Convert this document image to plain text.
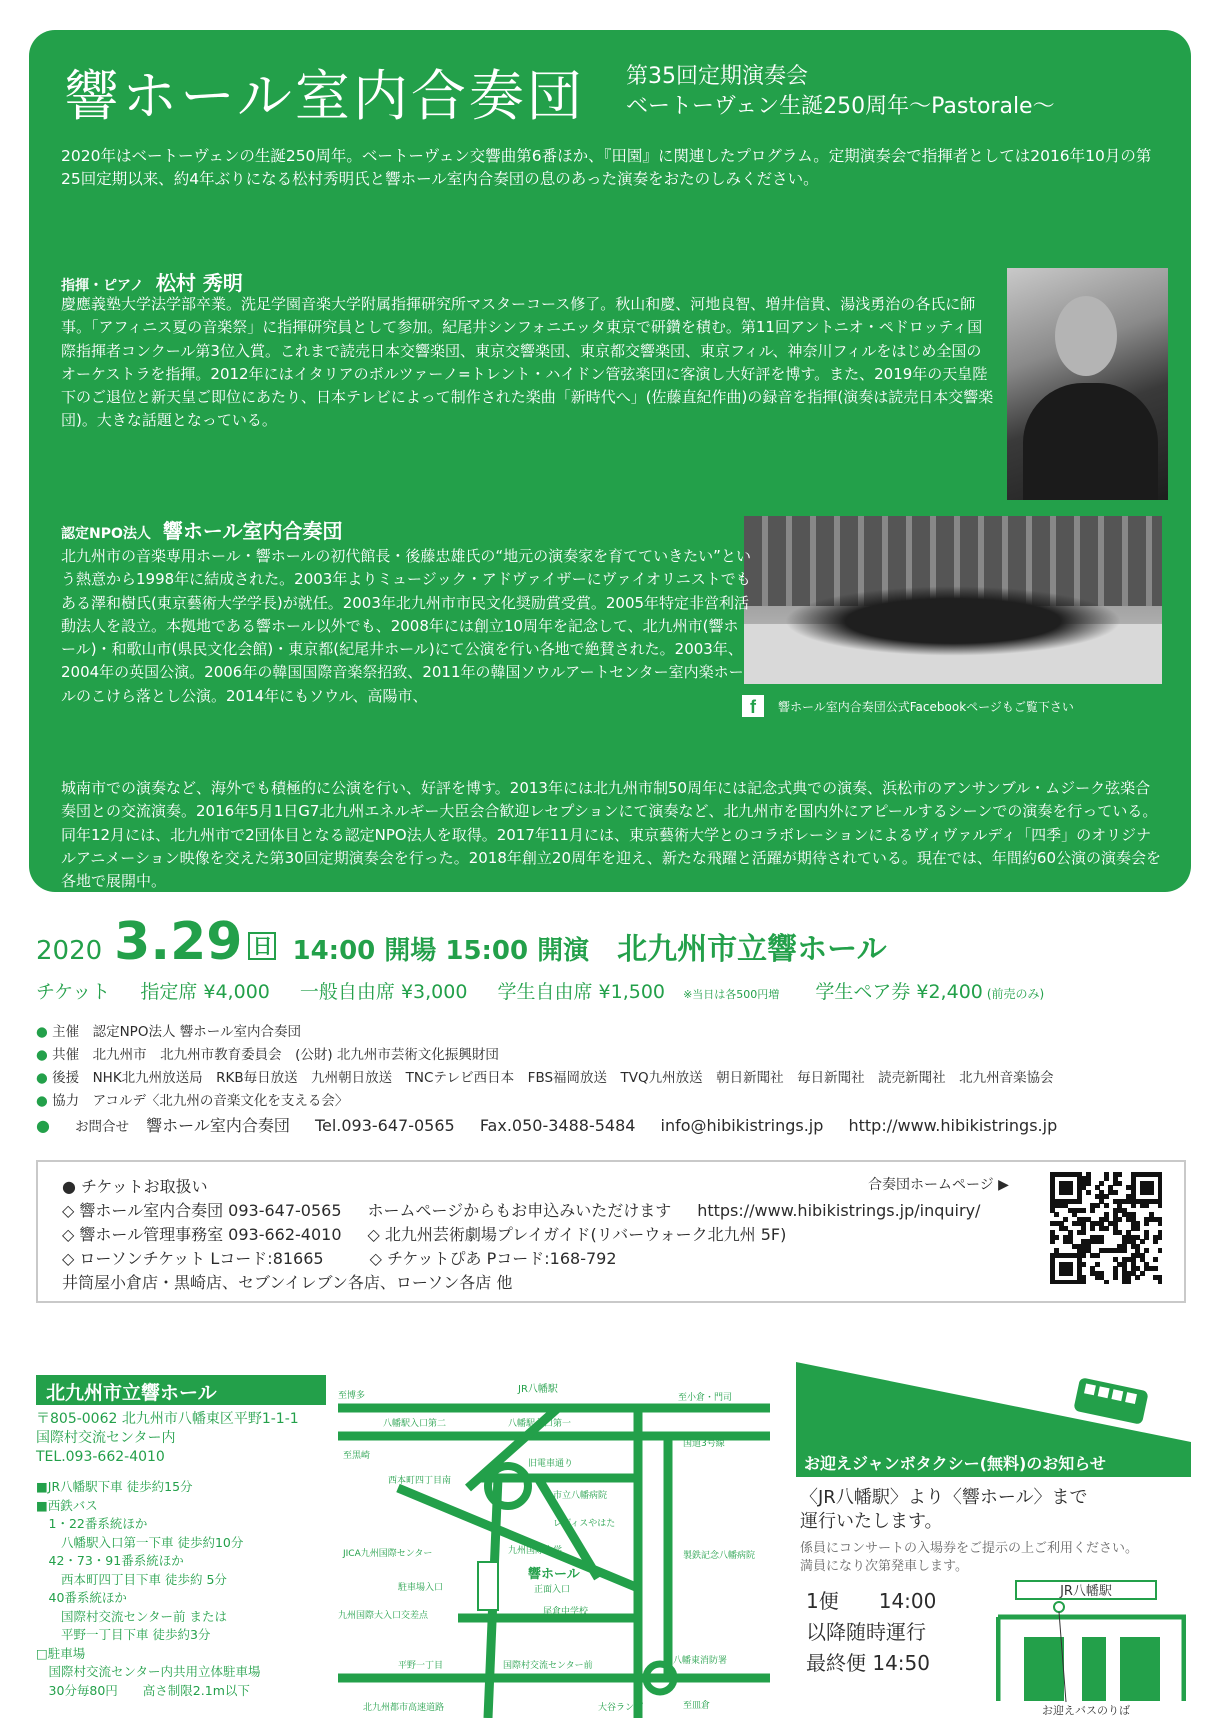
響ホール室内合奏団 第35回定期演奏会
ベートーヴェン生誕250周年〜Pastorale〜

2020年はベートーヴェンの生誕250周年。ベートーヴェン交響曲第6番ほか、『田園』に関連したプログラム。定期演奏会で指揮者としては2016年10月の第25回定期以来、約4年ぶりになる松村秀明氏と響ホール室内合奏団の息のあった演奏をおたのしみください。

指揮・ピアノ 松村 秀明

慶應義塾大学法学部卒業。洗足学園音楽大学附属指揮研究所マスターコース修了。秋山和慶、河地良智、増井信貴、湯浅勇治の各氏に師事。「アフィニス夏の音楽祭」に指揮研究員として参加。紀尾井シンフォニエッタ東京で研鑽を積む。第11回アントニオ・ペドロッティ国際指揮者コンクール第3位入賞。これまで読売日本交響楽団、東京交響楽団、東京都交響楽団、東京フィル、神奈川フィルをはじめ全国のオーケストラを指揮。2012年にはイタリアのボルツァーノ=トレント・ハイドン管弦楽団に客演し大好評を博す。また、2019年の天皇陛下のご退位と新天皇ご即位にあたり、日本テレビによって制作された楽曲「新時代へ」(佐藤直紀作曲)の録音を指揮(演奏は読売日本交響楽団)。大きな話題となっている。

認定NPO法人 響ホール室内合奏団
f	響ホール室内合奏団公式Facebookページもご覧下さい

北九州市の音楽専用ホール・響ホールの初代館長・後藤忠雄氏の“地元の演奏家を育てていきたい”という熱意から1998年に結成された。2003年よりミュージック・アドヴァイザーにヴァイオリニストでもある澤和樹氏(東京藝術大学学長)が就任。2003年北九州市市民文化奨励賞受賞。2005年特定非営利活動法人を設立。本拠地である響ホール以外でも、2008年には創立10周年を記念して、北九州市(響ホール)・和歌山市(県民文化会館)・東京都(紀尾井ホール)にて公演を行い各地で絶賛された。2003年、2004年の英国公演。2006年の韓国国際音楽祭招致、2011年の韓国ソウルアートセンター室内楽ホールのこけら落とし公演。2014年にもソウル、高陽市、

城南市での演奏など、海外でも積極的に公演を行い、好評を博す。2013年には北九州市制50周年には記念式典での演奏、浜松市のアンサンブル・ムジーク弦楽合奏団との交流演奏。2016年5月1日G7北九州エネルギー大臣会合歓迎レセプションにて演奏など、北九州市を国内外にアピールするシーンでの演奏を行っている。同年12月には、北九州市で2団体目となる認定NPO法人を取得。2017年11月には、東京藝術大学とのコラボレーションによるヴィヴァルディ「四季」のオリジナルアニメーション映像を交えた第30回定期演奏会を行った。2018年創立20周年を迎え、新たな飛躍と活躍が期待されている。現在では、年間約60公演の演奏会を各地で展開中。

2020 3.29 日 14:00 開場 15:00 開演 北九州市立響ホール
チケット 指定席 ¥4,000 一般自由席 ¥3,000 学生自由席 ¥1,500 ※当日は各500円増 学生ペア券 ¥2,400 (前売のみ)
● 主催　 認定NPO法人 響ホール室内合奏団
● 共催　 北九州市　北九州市教育委員会　(公財) 北九州市芸術文化振興財団
● 後援　 NHK北九州放送局　RKB毎日放送　九州朝日放送　TNCテレビ西日本　FBS福岡放送　TVQ九州放送　朝日新聞社　毎日新聞社　読売新聞社　北九州音楽協会
● 協力　 アコルデ〈北九州の音楽文化を支える会〉
● お問合せ 響ホール室内合奏団 Tel.093-647-0565 Fax.050-3488-5484 info@hibikistrings.jp http://www.hibikistrings.jp
● チケットお取扱い	合奏団ホームページ ▶
◇ 響ホール室内合奏団 093-647-0565 ホームページからもお申込みいただけます https://www.hibikistrings.jp/inquiry/
◇ 響ホール管理事務室 093-662-4010 ◇ 北九州芸術劇場プレイガイド(リバーウォーク北九州 5F)
◇ ローソンチケット Lコード:81665	◇ チケットぴあ Pコード:168-792
井筒屋小倉店・黒崎店、セブンイレブン各店、ローソン各店 他
北九州市立響ホール
〒805-0062 北九州市八幡東区平野1-1-1
国際村交流センター内
TEL.093-662-4010
■JR八幡駅下車 徒歩約15分
■西鉄バス
　1・22番系統ほか
　　八幡駅入口第一下車 徒歩約10分
　42・73・91番系統ほか
　　西本町四丁目下車 徒歩約 5分
　40番系統ほか
　　国際村交流センター前 または
　　平野一丁目下車 徒歩約3分
□駐車場
　国際村交流センター内共用立体駐車場
　30分毎80円　　高さ制限2.1m以下
至博多
JR八幡駅
至小倉・門司
八幡駅入口第二	八幡駅入口第一
国道3号線
至黒崎
旧電車通り
西本町四丁目南
市立八幡病院
レディスやはた
JICA九州国際センター	九州国際大学	製鉄記念八幡病院
駐車場入口
九州国際大入口交差点
響ホール
正面入口
尾倉中学校
平野一丁目	国際村交流センター前	八幡東消防署
北九州都市高速道路	大谷ランプ	至皿倉
お迎えジャンボタクシー(無料)のお知らせ
〈JR八幡駅〉より〈響ホール〉まで
運行いたします。
係員にコンサートの入場券をご提示の上ご利用ください。
満員になり次第発車します。
1便　　14:00
以降随時運行
最終便 14:50
JR八幡駅
お迎えバスのりば
